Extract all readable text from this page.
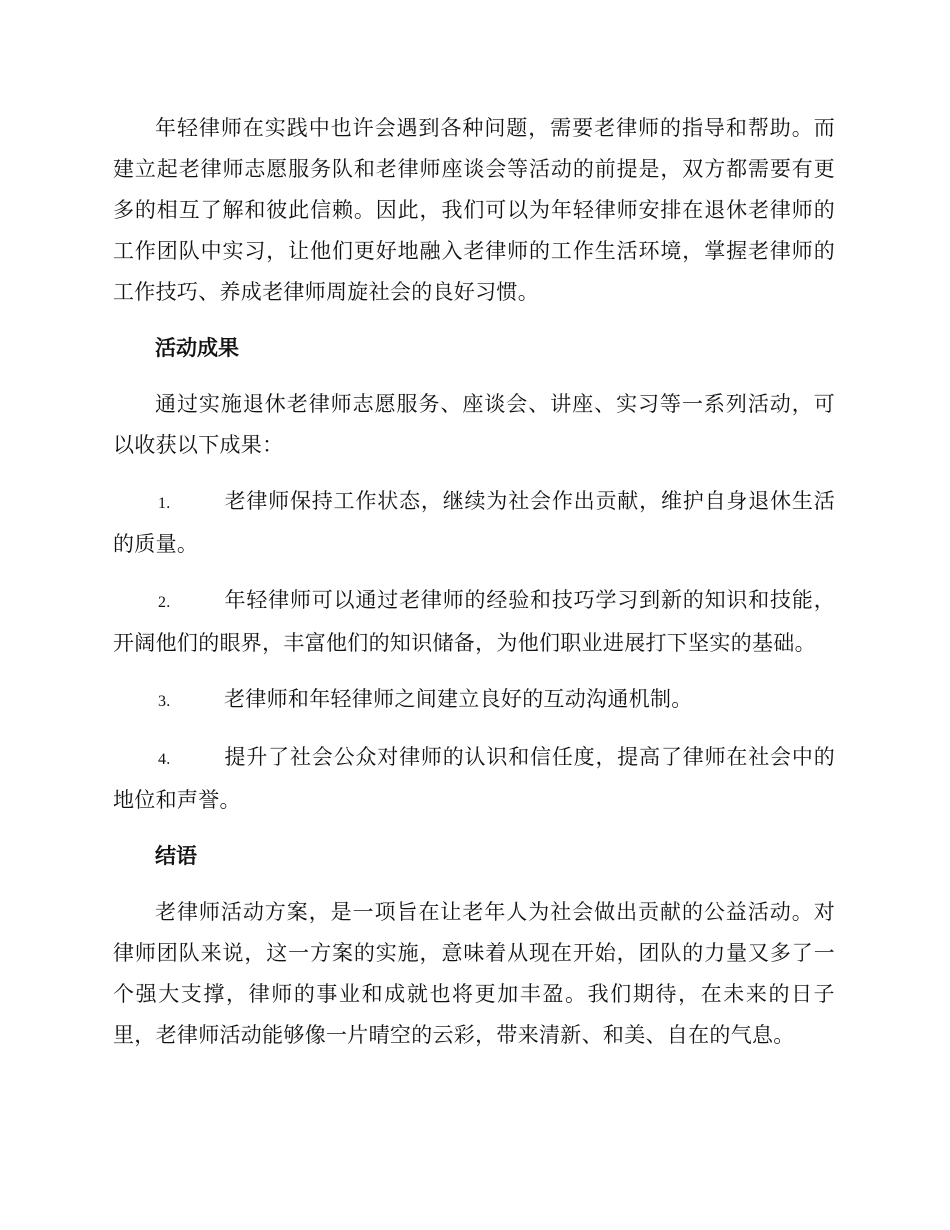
年轻律师在实践中也许会遇到各种问题，需要老律师的指导和帮助。而建立起老律师志愿服务队和老律师座谈会等活动的前提是，双方都需要有更多的相互了解和彼此信赖。因此，我们可以为年轻律师安排在退休老律师的工作团队中实习，让他们更好地融入老律师的工作生活环境，掌握老律师的工作技巧、养成老律师周旋社会的良好习惯。

活动成果

通过实施退休老律师志愿服务、座谈会、讲座、实习等一系列活动，可以收获以下成果：

1.	老律师保持工作状态，继续为社会作出贡献，维护自身退休生活的质量。

2.	年轻律师可以通过老律师的经验和技巧学习到新的知识和技能，开阔他们的眼界，丰富他们的知识储备，为他们职业进展打下坚实的基础。

3.	老律师和年轻律师之间建立良好的互动沟通机制。

4.	提升了社会公众对律师的认识和信任度，提高了律师在社会中的地位和声誉。

结语

老律师活动方案，是一项旨在让老年人为社会做出贡献的公益活动。对律师团队来说，这一方案的实施，意味着从现在开始，团队的力量又多了一个强大支撑，律师的事业和成就也将更加丰盈。我们期待，在未来的日子里，老律师活动能够像一片晴空的云彩，带来清新、和美、自在的气息。
